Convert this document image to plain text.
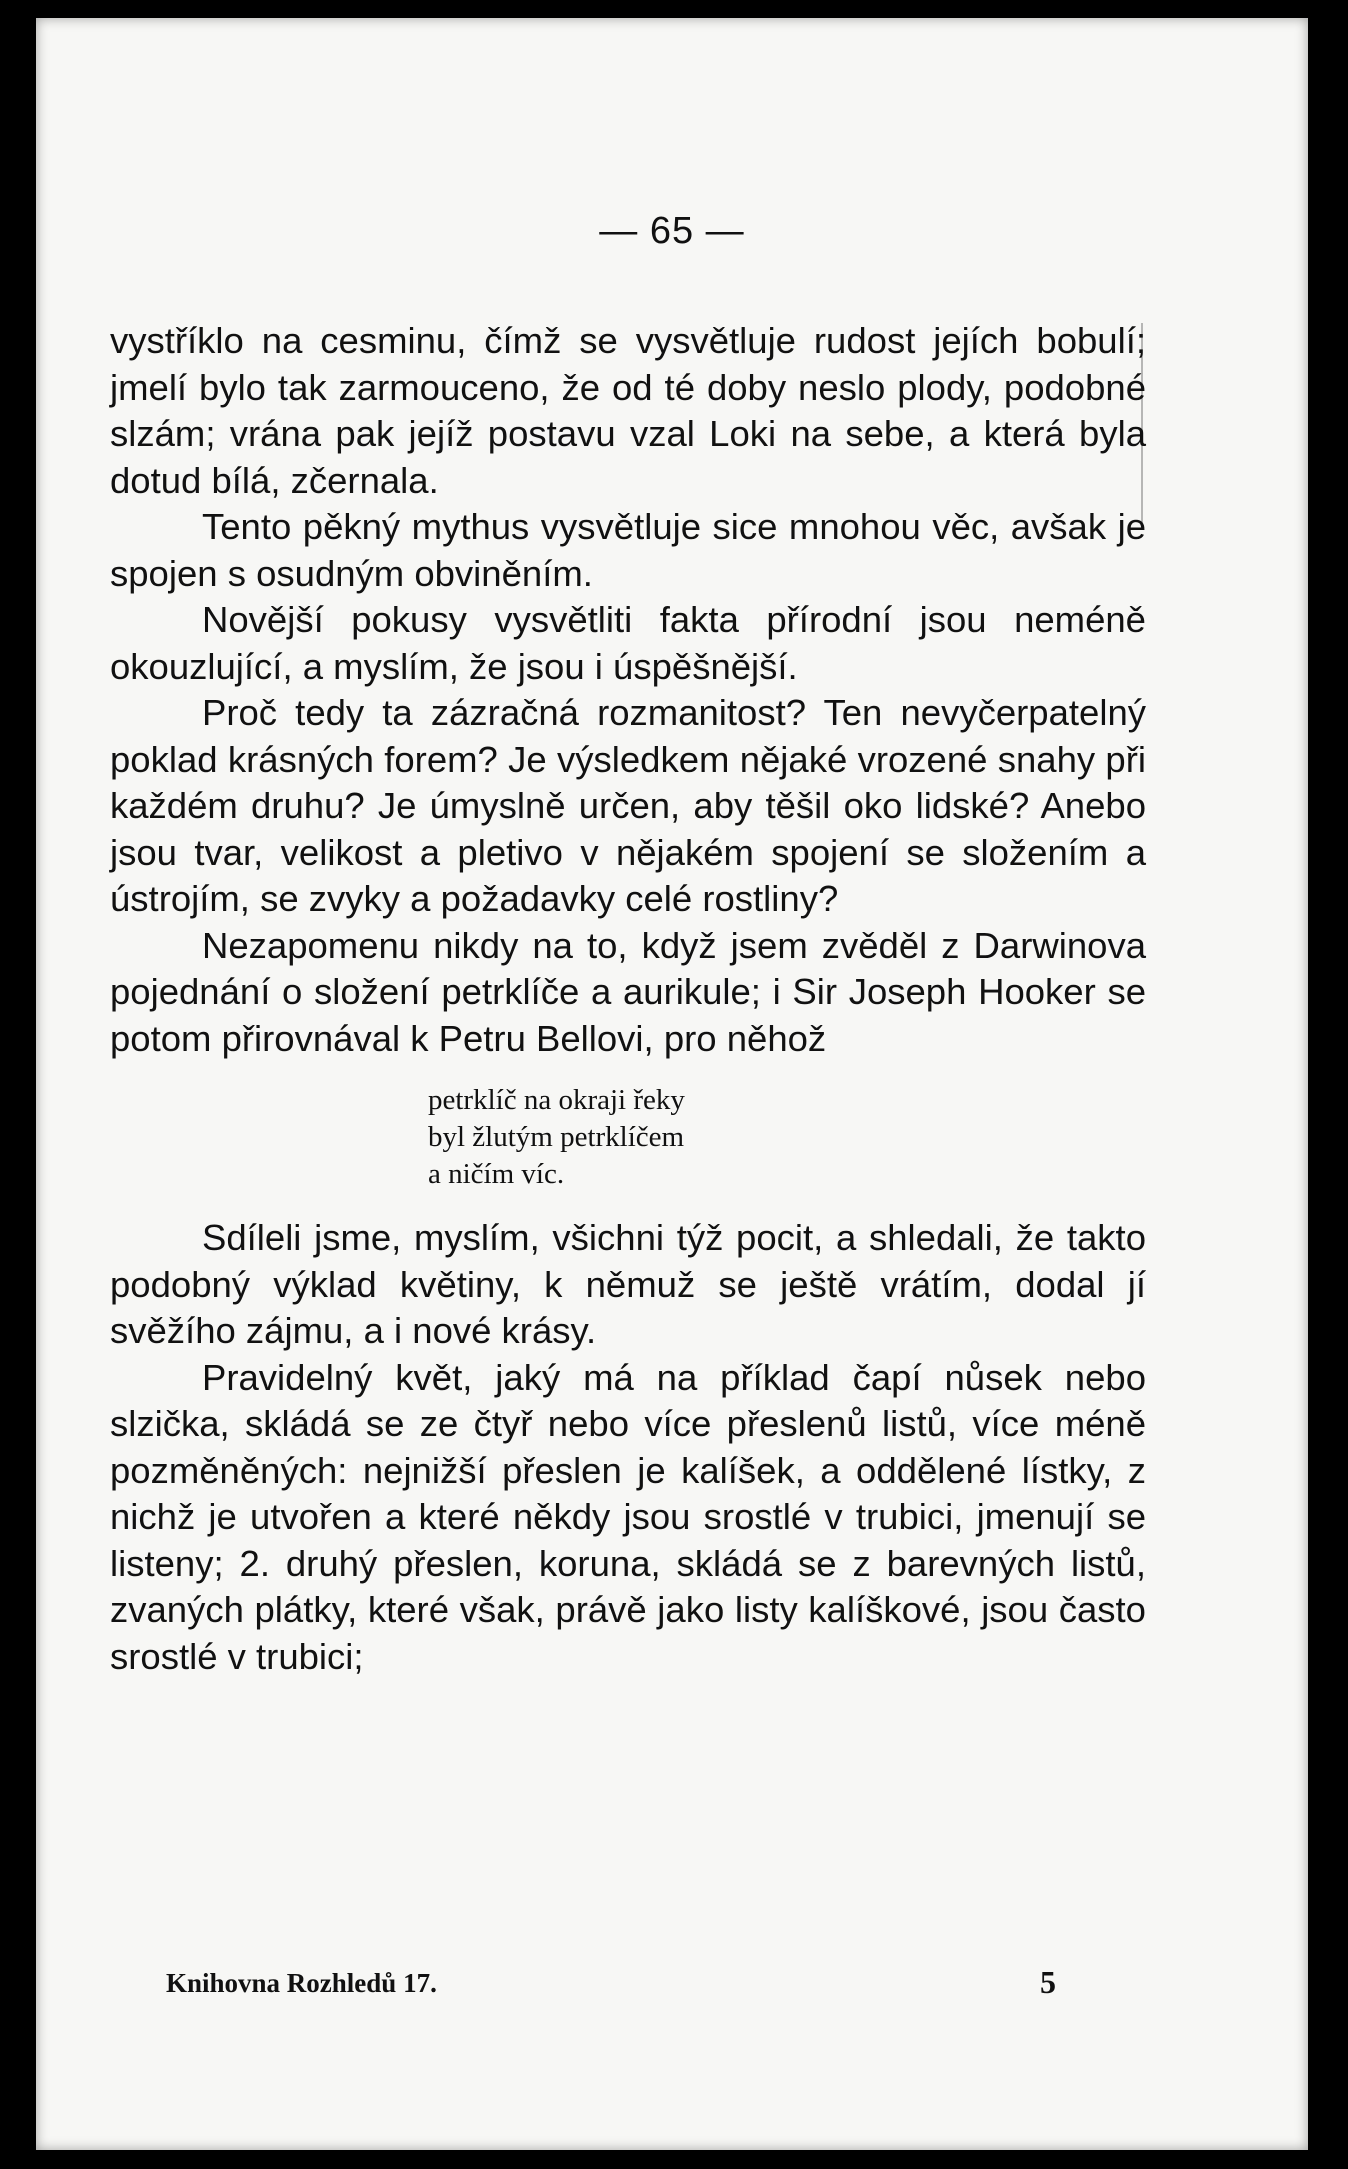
— 65 —

vystříklo na cesminu, čímž se vysvětluje rudost jejích bobulí; jmelí bylo tak zarmouceno, že od té doby neslo plody, podobné slzám; vrána pak jejíž postavu vzal Loki na sebe, a která byla dotud bílá, zčernala.

Tento pěkný mythus vysvětluje sice mnohou věc, avšak je spojen s osudným obviněním.

Novější pokusy vysvětliti fakta přírodní jsou neméně okouzlující, a myslím, že jsou i úspěšnější.

Proč tedy ta zázračná rozmanitost? Ten nevyčerpatelný poklad krásných forem? Je výsledkem nějaké vrozené snahy při každém druhu? Je úmyslně určen, aby těšil oko lidské? Anebo jsou tvar, velikost a pletivo v nějakém spojení se složením a ústrojím, se zvyky a požadavky celé rostliny?

Nezapomenu nikdy na to, když jsem zvěděl z Darwinova pojednání o složení petrklíče a aurikule; i Sir Joseph Hooker se potom přirovnával k Petru Bellovi, pro něhož

petrklíč na okraji řeky
byl žlutým petrklíčem
a ničím víc.

Sdíleli jsme, myslím, všichni týž pocit, a shledali, že takto podobný výklad květiny, k němuž se ještě vrátím, dodal jí svěžího zájmu, a i nové krásy.

Pravidelný květ, jaký má na příklad čapí nůsek nebo slzička, skládá se ze čtyř nebo více přeslenů listů, více méně pozměněných: nejnižší přeslen je kalíšek, a oddělené lístky, z nichž je utvořen a které někdy jsou srostlé v trubici, jmenují se listeny; 2. druhý přeslen, koruna, skládá se z barevných listů, zvaných plátky, které však, právě jako listy kalíškové, jsou často srostlé v trubici;

Knihovna Rozhledů 17.	5
